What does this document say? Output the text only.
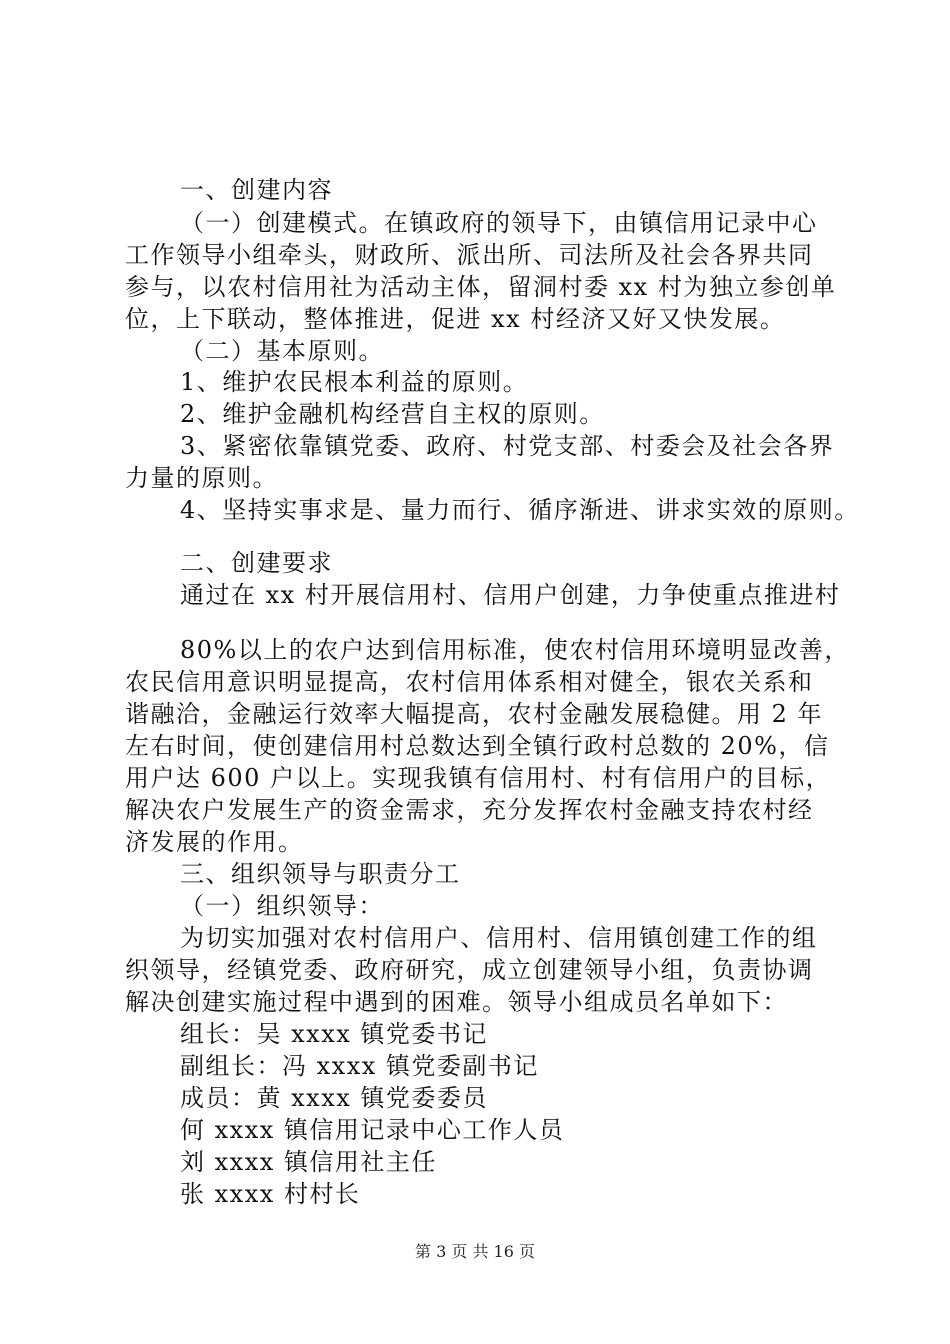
一、创建内容
（一）创建模式。在镇政府的领导下，由镇信用记录中心
工作领导小组牵头，财政所、派出所、司法所及社会各界共同
参与，以农村信用社为活动主体，留洞村委 xx 村为独立参创单
位，上下联动，整体推进，促进 xx 村经济又好又快发展。
（二）基本原则。
1、维护农民根本利益的原则。
2、维护金融机构经营自主权的原则。
3、紧密依靠镇党委、政府、村党支部、村委会及社会各界
力量的原则。
4、坚持实事求是、量力而行、循序渐进、讲求实效的原则。
二、创建要求
通过在 xx 村开展信用村、信用户创建，力争使重点推进村
80%以上的农户达到信用标准，使农村信用环境明显改善，
农民信用意识明显提高，农村信用体系相对健全，银农关系和
谐融洽，金融运行效率大幅提高，农村金融发展稳健。用 2 年
左右时间，使创建信用村总数达到全镇行政村总数的 20%，信
用户达 600 户以上。实现我镇有信用村、村有信用户的目标，
解决农户发展生产的资金需求，充分发挥农村金融支持农村经
济发展的作用。
三、组织领导与职责分工
（一）组织领导：
为切实加强对农村信用户、信用村、信用镇创建工作的组
织领导，经镇党委、政府研究，成立创建领导小组，负责协调
解决创建实施过程中遇到的困难。领导小组成员名单如下：
组长：吴 xxxx 镇党委书记
副组长：冯 xxxx 镇党委副书记
成员：黄 xxxx 镇党委委员
何 xxxx 镇信用记录中心工作人员
刘 xxxx 镇信用社主任
张 xxxx 村村长
第 3 页 共 16 页
